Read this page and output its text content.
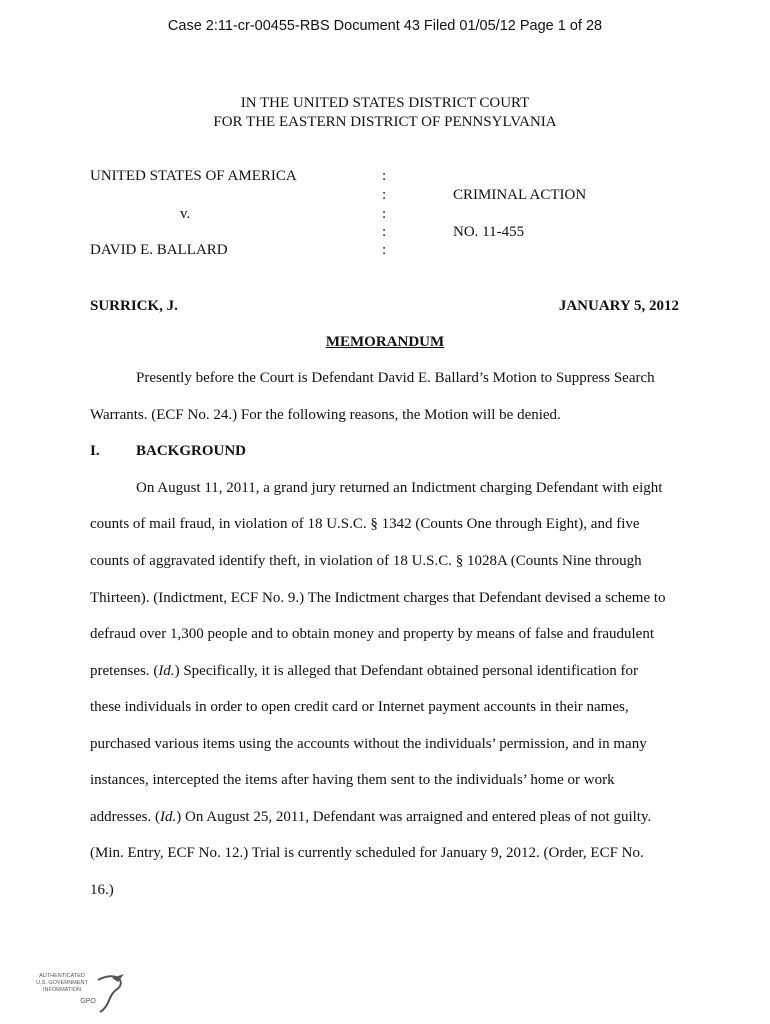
Case 2:11-cr-00455-RBS Document 43 Filed 01/05/12 Page 1 of 28
IN THE UNITED STATES DISTRICT COURT
FOR THE EASTERN DISTRICT OF PENNSYLVANIA
UNITED STATES OF AMERICA
v.
DAVID E. BALLARD
:
:
:
:
:
CRIMINAL ACTION
NO. 11-455
SURRICK, J.	JANUARY 5, 2012
MEMORANDUM
Presently before the Court is Defendant David E. Ballard’s Motion to Suppress Search
Warrants. (ECF No. 24.) For the following reasons, the Motion will be denied.
I. BACKGROUND
On August 11, 2011, a grand jury returned an Indictment charging Defendant with eight
counts of mail fraud, in violation of 18 U.S.C. § 1342 (Counts One through Eight), and five
counts of aggravated identify theft, in violation of 18 U.S.C. § 1028A (Counts Nine through
Thirteen). (Indictment, ECF No. 9.) The Indictment charges that Defendant devised a scheme to
defraud over 1,300 people and to obtain money and property by means of false and fraudulent
pretenses. (Id.) Specifically, it is alleged that Defendant obtained personal identification for
these individuals in order to open credit card or Internet payment accounts in their names,
purchased various items using the accounts without the individuals’ permission, and in many
instances, intercepted the items after having them sent to the individuals’ home or work
addresses. (Id.) On August 25, 2011, Defendant was arraigned and entered pleas of not guilty.
(Min. Entry, ECF No. 12.) Trial is currently scheduled for January 9, 2012. (Order, ECF No.
16.)
AUTHENTICATED
U.S. GOVERNMENT
INFORMATION
GPO
